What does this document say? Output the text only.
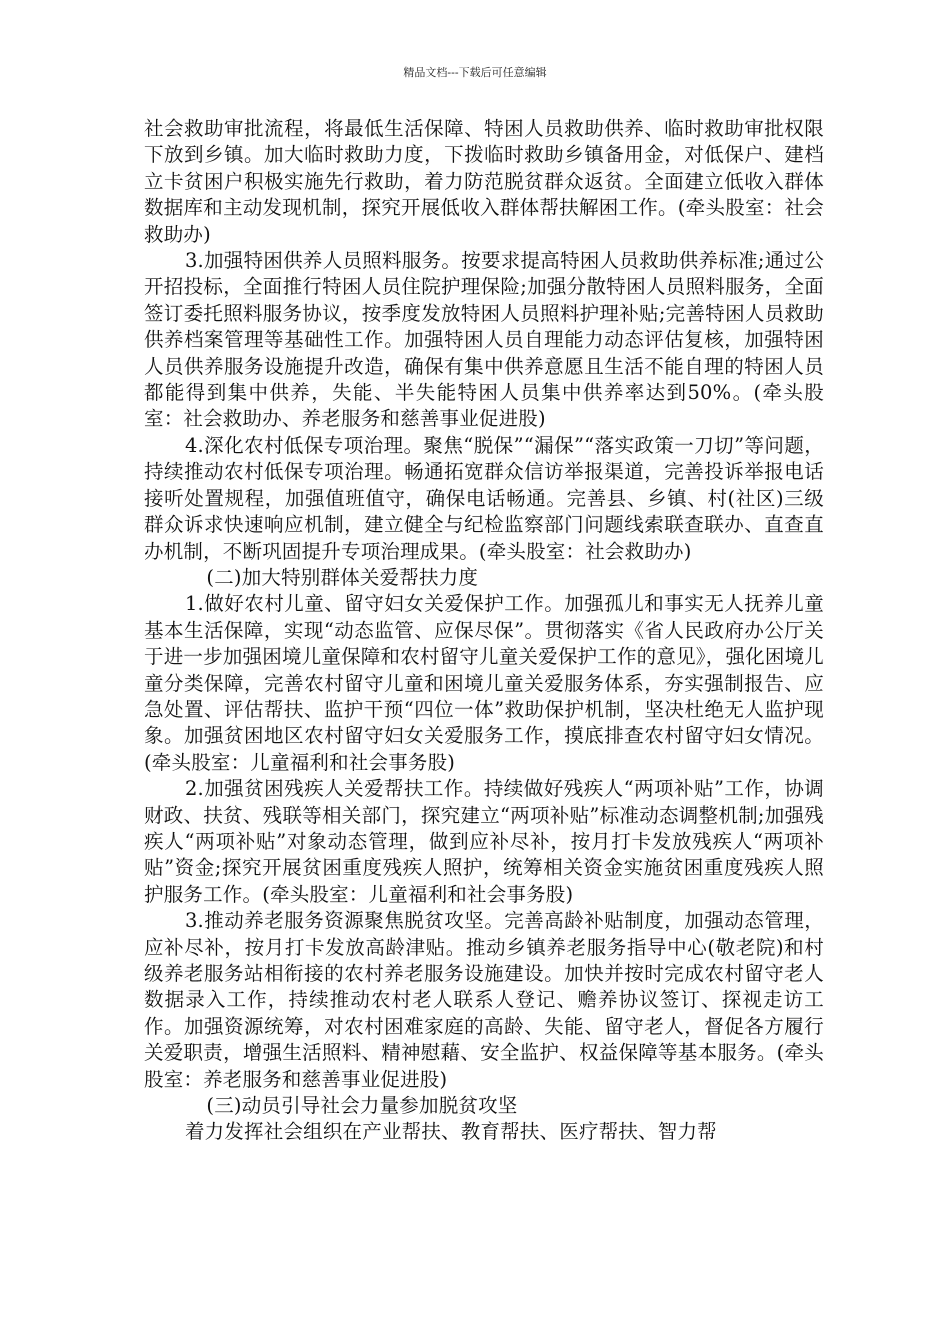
精品文档---下载后可任意编辑

社会救助审批流程，将最低生活保障、特困人员救助供养、临时救助审批权限下放到乡镇。加大临时救助力度，下拨临时救助乡镇备用金，对低保户、建档立卡贫困户积极实施先行救助，着力防范脱贫群众返贫。全面建立低收入群体数据库和主动发现机制，探究开展低收入群体帮扶解困工作。(牵头股室：社会救助办)

3.加强特困供养人员照料服务。按要求提高特困人员救助供养标准;通过公开招投标，全面推行特困人员住院护理保险;加强分散特困人员照料服务，全面签订委托照料服务协议，按季度发放特困人员照料护理补贴;完善特困人员救助供养档案管理等基础性工作。加强特困人员自理能力动态评估复核，加强特困人员供养服务设施提升改造，确保有集中供养意愿且生活不能自理的特困人员都能得到集中供养，失能、半失能特困人员集中供养率达到50%。(牵头股室：社会救助办、养老服务和慈善事业促进股)

4.深化农村低保专项治理。聚焦“脱保”“漏保”“落实政策一刀切”等问题，持续推动农村低保专项治理。畅通拓宽群众信访举报渠道，完善投诉举报电话接听处置规程，加强值班值守，确保电话畅通。完善县、乡镇、村(社区)三级群众诉求快速响应机制，建立健全与纪检监察部门问题线索联查联办、直查直办机制，不断巩固提升专项治理成果。(牵头股室：社会救助办)

(二)加大特别群体关爱帮扶力度

1.做好农村儿童、留守妇女关爱保护工作。加强孤儿和事实无人抚养儿童基本生活保障，实现“动态监管、应保尽保”。贯彻落实《省人民政府办公厅关于进一步加强困境儿童保障和农村留守儿童关爱保护工作的意见》，强化困境儿童分类保障，完善农村留守儿童和困境儿童关爱服务体系，夯实强制报告、应急处置、评估帮扶、监护干预“四位一体”救助保护机制，坚决杜绝无人监护现象。加强贫困地区农村留守妇女关爱服务工作，摸底排查农村留守妇女情况。(牵头股室：儿童福利和社会事务股)

2.加强贫困残疾人关爱帮扶工作。持续做好残疾人“两项补贴”工作，协调财政、扶贫、残联等相关部门，探究建立“两项补贴”标准动态调整机制;加强残疾人“两项补贴”对象动态管理，做到应补尽补，按月打卡发放残疾人“两项补贴”资金;探究开展贫困重度残疾人照护，统筹相关资金实施贫困重度残疾人照护服务工作。(牵头股室：儿童福利和社会事务股)

3.推动养老服务资源聚焦脱贫攻坚。完善高龄补贴制度，加强动态管理，应补尽补，按月打卡发放高龄津贴。推动乡镇养老服务指导中心(敬老院)和村级养老服务站相衔接的农村养老服务设施建设。加快并按时完成农村留守老人数据录入工作，持续推动农村老人联系人登记、赡养协议签订、探视走访工作。加强资源统筹，对农村困难家庭的高龄、失能、留守老人，督促各方履行关爱职责，增强生活照料、精神慰藉、安全监护、权益保障等基本服务。(牵头股室：养老服务和慈善事业促进股)

(三)动员引导社会力量参加脱贫攻坚

着力发挥社会组织在产业帮扶、教育帮扶、医疗帮扶、智力帮
